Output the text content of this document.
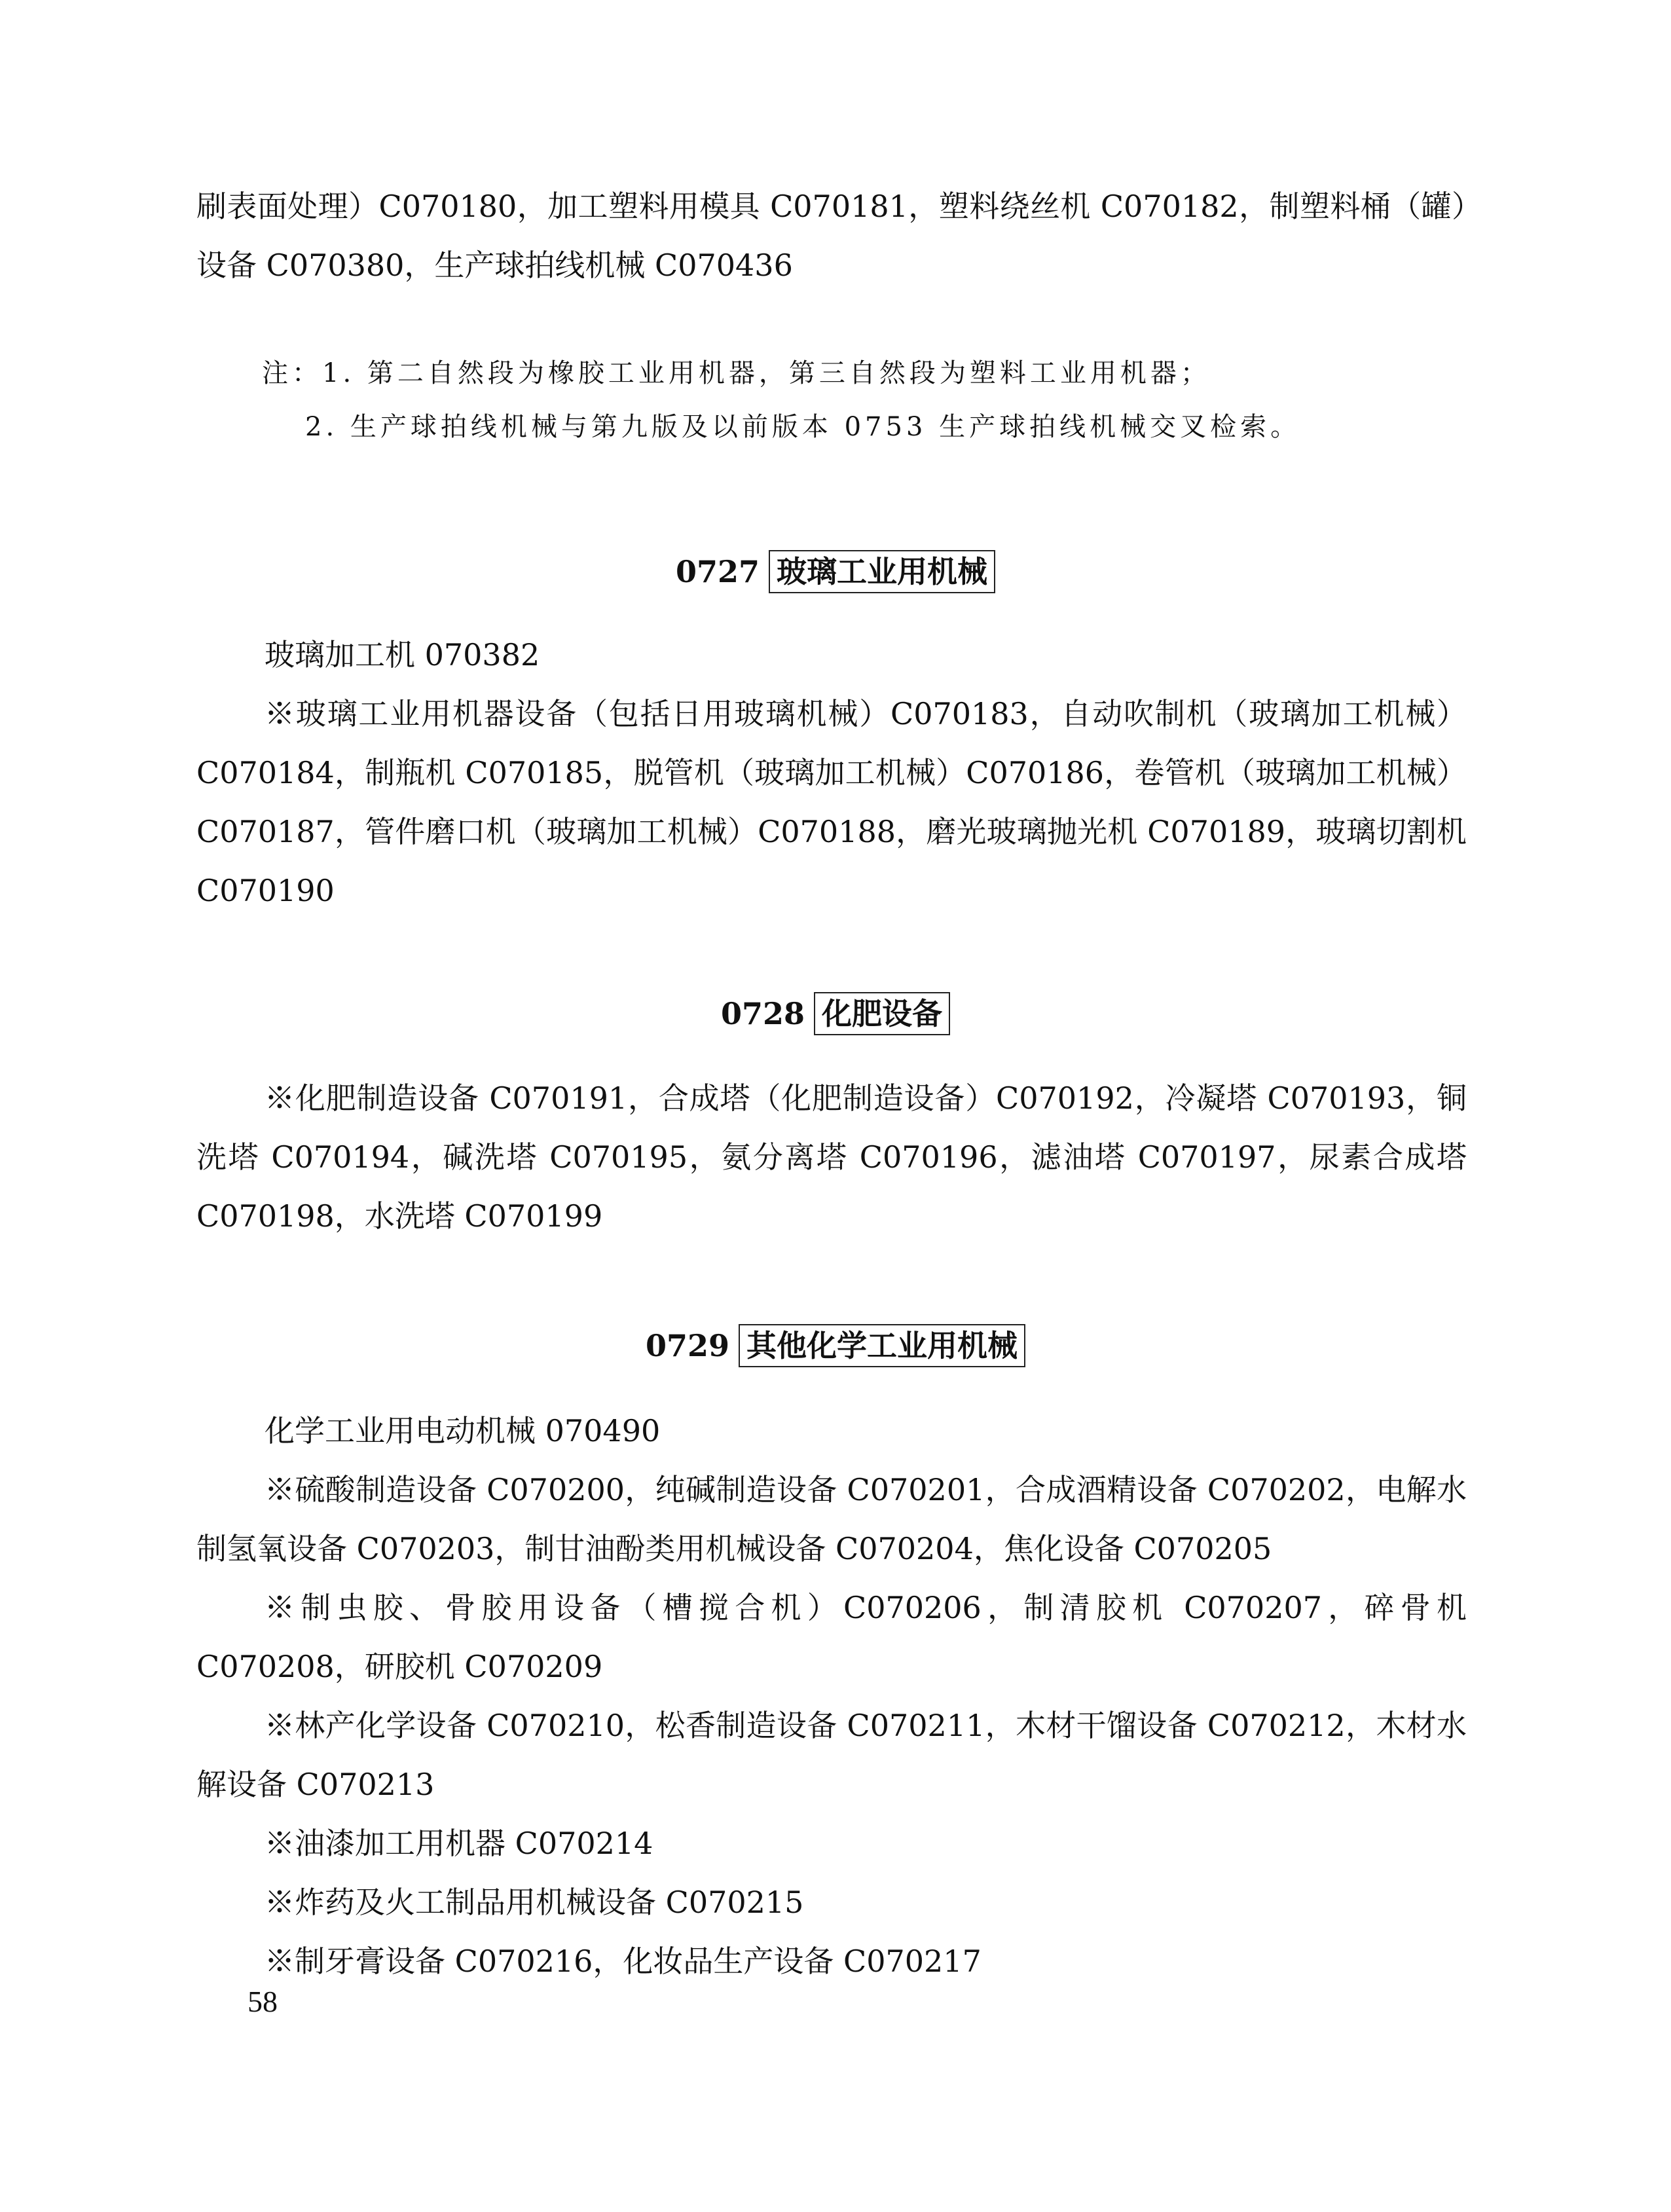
刷表面处理）C070180，加工塑料用模具 C070181，塑料绕丝机 C070182，制塑料桶（罐）设备 C070380，生产球拍线机械 C070436

注：1. 第二自然段为橡胶工业用机器，第三自然段为塑料工业用机器；

2. 生产球拍线机械与第九版及以前版本 0753 生产球拍线机械交叉检索。

0727 玻璃工业用机械

玻璃加工机 070382

※玻璃工业用机器设备（包括日用玻璃机械）C070183，自动吹制机（玻璃加工机械）C070184，制瓶机 C070185，脱管机（玻璃加工机械）C070186，卷管机（玻璃加工机械）C070187，管件磨口机（玻璃加工机械）C070188，磨光玻璃抛光机 C070189，玻璃切割机 C070190

0728 化肥设备

※化肥制造设备 C070191，合成塔（化肥制造设备）C070192，冷凝塔 C070193，铜洗塔 C070194，碱洗塔 C070195，氨分离塔 C070196，滤油塔 C070197，尿素合成塔 C070198，水洗塔 C070199

0729 其他化学工业用机械

化学工业用电动机械 070490

※硫酸制造设备 C070200，纯碱制造设备 C070201，合成酒精设备 C070202，电解水制氢氧设备 C070203，制甘油酚类用机械设备 C070204，焦化设备 C070205

※制虫胶、骨胶用设备（槽搅合机）C070206，制清胶机 C070207，碎骨机 C070208，研胶机 C070209

※林产化学设备 C070210，松香制造设备 C070211，木材干馏设备 C070212，木材水解设备 C070213

※油漆加工用机器 C070214

※炸药及火工制品用机械设备 C070215

※制牙膏设备 C070216，化妆品生产设备 C070217

58
